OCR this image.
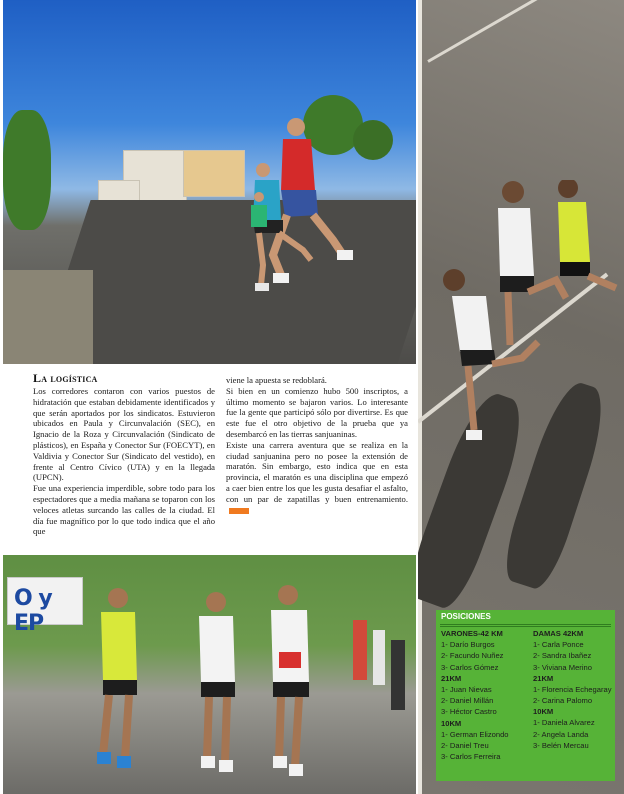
La logística

Los corredores contaron con varios puestos de hidratación que estaban debidamente identificados y que serán aportados por los sindicatos. Estuvieron ubicados en Paula y Circunvalación (SEC), en Ignacio de la Roza y Circunvalación (Sindicato de plásticos), en España y Conector Sur (FOECYT), en Valdivia y Conector Sur (Sindicato del vestido), en frente al Centro Cívico (UTA) y en la llegada (UPCN).

Fue una experiencia imperdible, sobre todo para los espectadores que a media mañana se toparon con los veloces atletas surcando las calles de la ciudad. El día fue magnífico por lo que todo indica que el año que

viene la apuesta se redoblará.

Si bien en un comienzo hubo 500 inscriptos, a último momento se bajaron varios. Lo interesante fue la gente que participó sólo por divertirse. Es que este fue el otro objetivo de la prueba que ya desembarcó en las tierras sanjuaninas.

Existe una carrera aventura que se realiza en la ciudad sanjuanina pero no posee la extensión de maratón. Sin embargo, esto indica que en esta provincia, el maratón es una disciplina que empezó a caer bien entre los que les gusta desafiar el asfalto, con un par de zapatillas y buen entrenamiento.

O y EP	POSICIONES
VARONES-42 KM
1- Darío Burgos
2- Facundo Nuñez
3- Carlos Gómez
21KM
1- Juan Nievas
2- Daniel Millán
3- Héctor Castro
10KM
1- German Elizondo
2- Daniel Treu
3- Carlos Ferreira
DAMAS 42KM
1- Carla Ponce
2- Sandra Ibañez
3- Viviana Merino
21KM
1- Florencia Echegaray
2- Carina Palomo
10KM
1- Daniela Alvarez
2- Angela Landa
3- Belén Mercau
